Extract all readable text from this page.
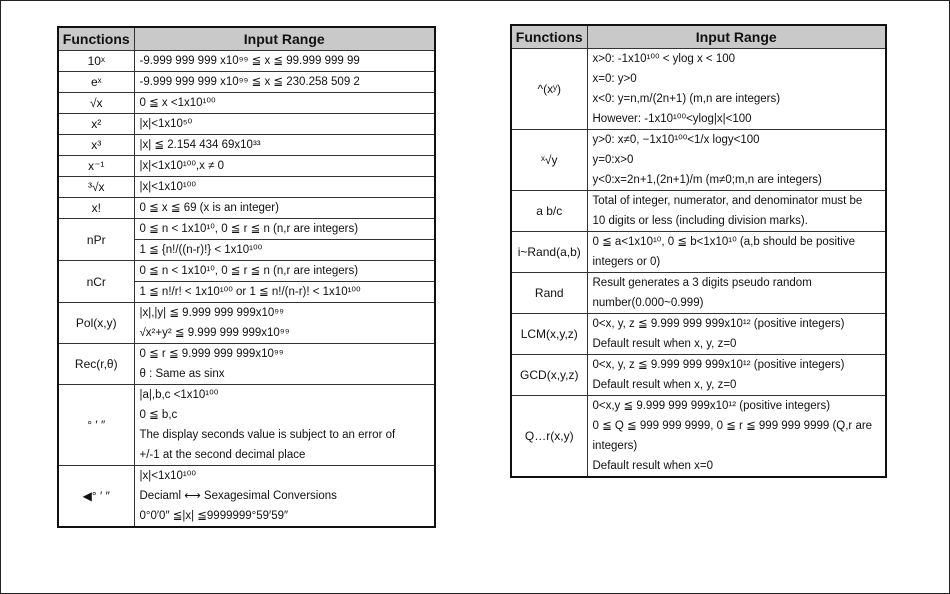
Functions	Input Range
10ˣ	-9.999 999 999 x10⁹⁹ ≦ x ≦ 99.999 999 99

eˣ	-9.999 999 999 x10⁹⁹ ≦ x ≦ 230.258 509 2

√x	0 ≦ x <1x10¹⁰⁰

x²	|x|<1x10⁵⁰

x³	|x| ≦ 2.154 434 69x10³³

x⁻¹	|x|<1x10¹⁰⁰,x ≠ 0

³√x	|x|<1x10¹⁰⁰

x!	0 ≦ x ≦ 69 (x is an integer)

nPr	0 ≦ n < 1x10¹⁰, 0 ≦ r ≦ n (n,r are integers)
1 ≦ {n!/((n-r)!} < 1x10¹⁰⁰

nCr	0 ≦ n < 1x10¹⁰, 0 ≦ r ≦ n (n,r are integers)
1 ≦ n!/r! < 1x10¹⁰⁰ or 1 ≦ n!/(n-r)! < 1x10¹⁰⁰

Pol(x,y)	|x|,|y| ≦ 9.999 999 999x10⁹⁹
√x²+y² ≦ 9.999 999 999x10⁹⁹

Rec(r,θ)	0 ≦ r ≦ 9.999 999 999x10⁹⁹
θ : Same as sinx

° ′ ″	|a|,b,c <1x10¹⁰⁰
0 ≦ b,c
The display seconds value is subject to an error of
+/-1 at the second decimal place

◀° ′ ″	|x|<1x10¹⁰⁰
Deciaml ⟷ Sexagesimal Conversions
0°0′0″ ≦|x| ≦9999999°59′59″
Functions	Input Range
^(xʸ)	x>0: -1x10¹⁰⁰ < ylog x < 100
x=0: y>0
x<0: y=n,m/(2n+1) (m,n are integers)
However: -1x10¹⁰⁰<ylog|x|<100

ˣ√y	y>0: x≠0, −1x10¹⁰⁰<1/x logy<100
y=0:x>0
y<0:x=2n+1,(2n+1)/m (m≠0;m,n are integers)

a b/c	Total of integer, numerator, and denominator must be
10 digits or less (including division marks).

i~Rand(a,b)	0 ≦ a<1x10¹⁰, 0 ≦ b<1x10¹⁰ (a,b should be positive
integers or 0)

Rand	Result generates a 3 digits pseudo random
number(0.000~0.999)

LCM(x,y,z)	0<x, y, z ≦ 9.999 999 999x10¹² (positive integers)
Default result when x, y, z=0

GCD(x,y,z)	0<x, y, z ≦ 9.999 999 999x10¹² (positive integers)
Default result when x, y, z=0

Q…r(x,y)	0<x,y ≦ 9.999 999 999x10¹² (positive integers)
0 ≦ Q ≦ 999 999 9999, 0 ≦ r ≦ 999 999 9999 (Q,r are
integers)
Default result when x=0
